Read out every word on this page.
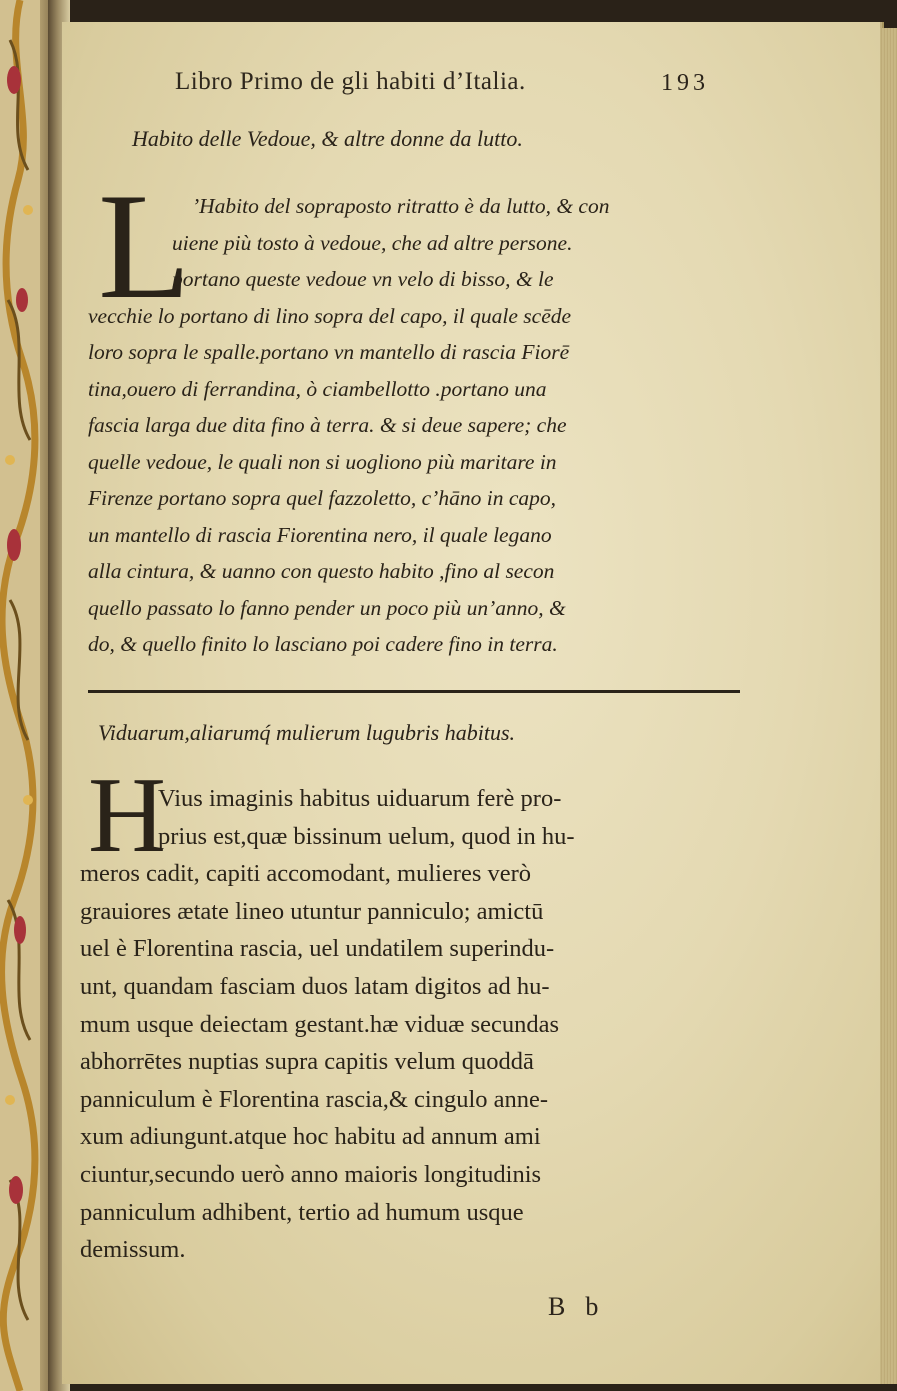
Libro Primo de gli habiti d’Italia.	193
Habito delle Vedoue, & altre donne da lutto.
L ’Habito del sopraposto ritratto è da lutto, & con
uiene più tosto à vedoue, che ad altre persone.
portano queste vedoue vn velo di bisso, & le
vecchie lo portano di lino sopra del capo, il quale scēde
loro sopra le spalle.portano vn mantello di rascia Fiorē
tina,ouero di ferrandina, ò ciambellotto .portano una
fascia larga due dita fino à terra. & si deue sapere; che
quelle vedoue, le quali non si uogliono più maritare in
Firenze portano sopra quel fazzoletto, c’hāno in capo,
un mantello di rascia Fiorentina nero, il quale legano
alla cintura, & uanno con questo habito ,fino al secon
quello passato lo fanno pender un poco più un’anno, &
do, & quello finito lo lasciano poi cadere fino in terra.
Viduarum,aliarumq́ mulierum lugubris habitus.
H
Vius imaginis habitus uiduarum ferè pro-
prius est,quæ bissinum uelum, quod in hu-
meros cadit, capiti accomodant, mulieres verò
grauiores ætate lineo utuntur panniculo; amictū
uel è Florentina rascia, uel undatilem superindu-
unt, quandam fasciam duos latam digitos ad hu-
mum usque deiectam gestant.hæ viduæ secundas
abhorrētes nuptias supra capitis velum quoddā
panniculum è Florentina rascia,& cingulo anne-
xum adiungunt.atque hoc habitu ad annum ami
ciuntur,secundo uerò anno maioris longitudinis
panniculum adhibent, tertio ad humum usque
demissum.
Bb
